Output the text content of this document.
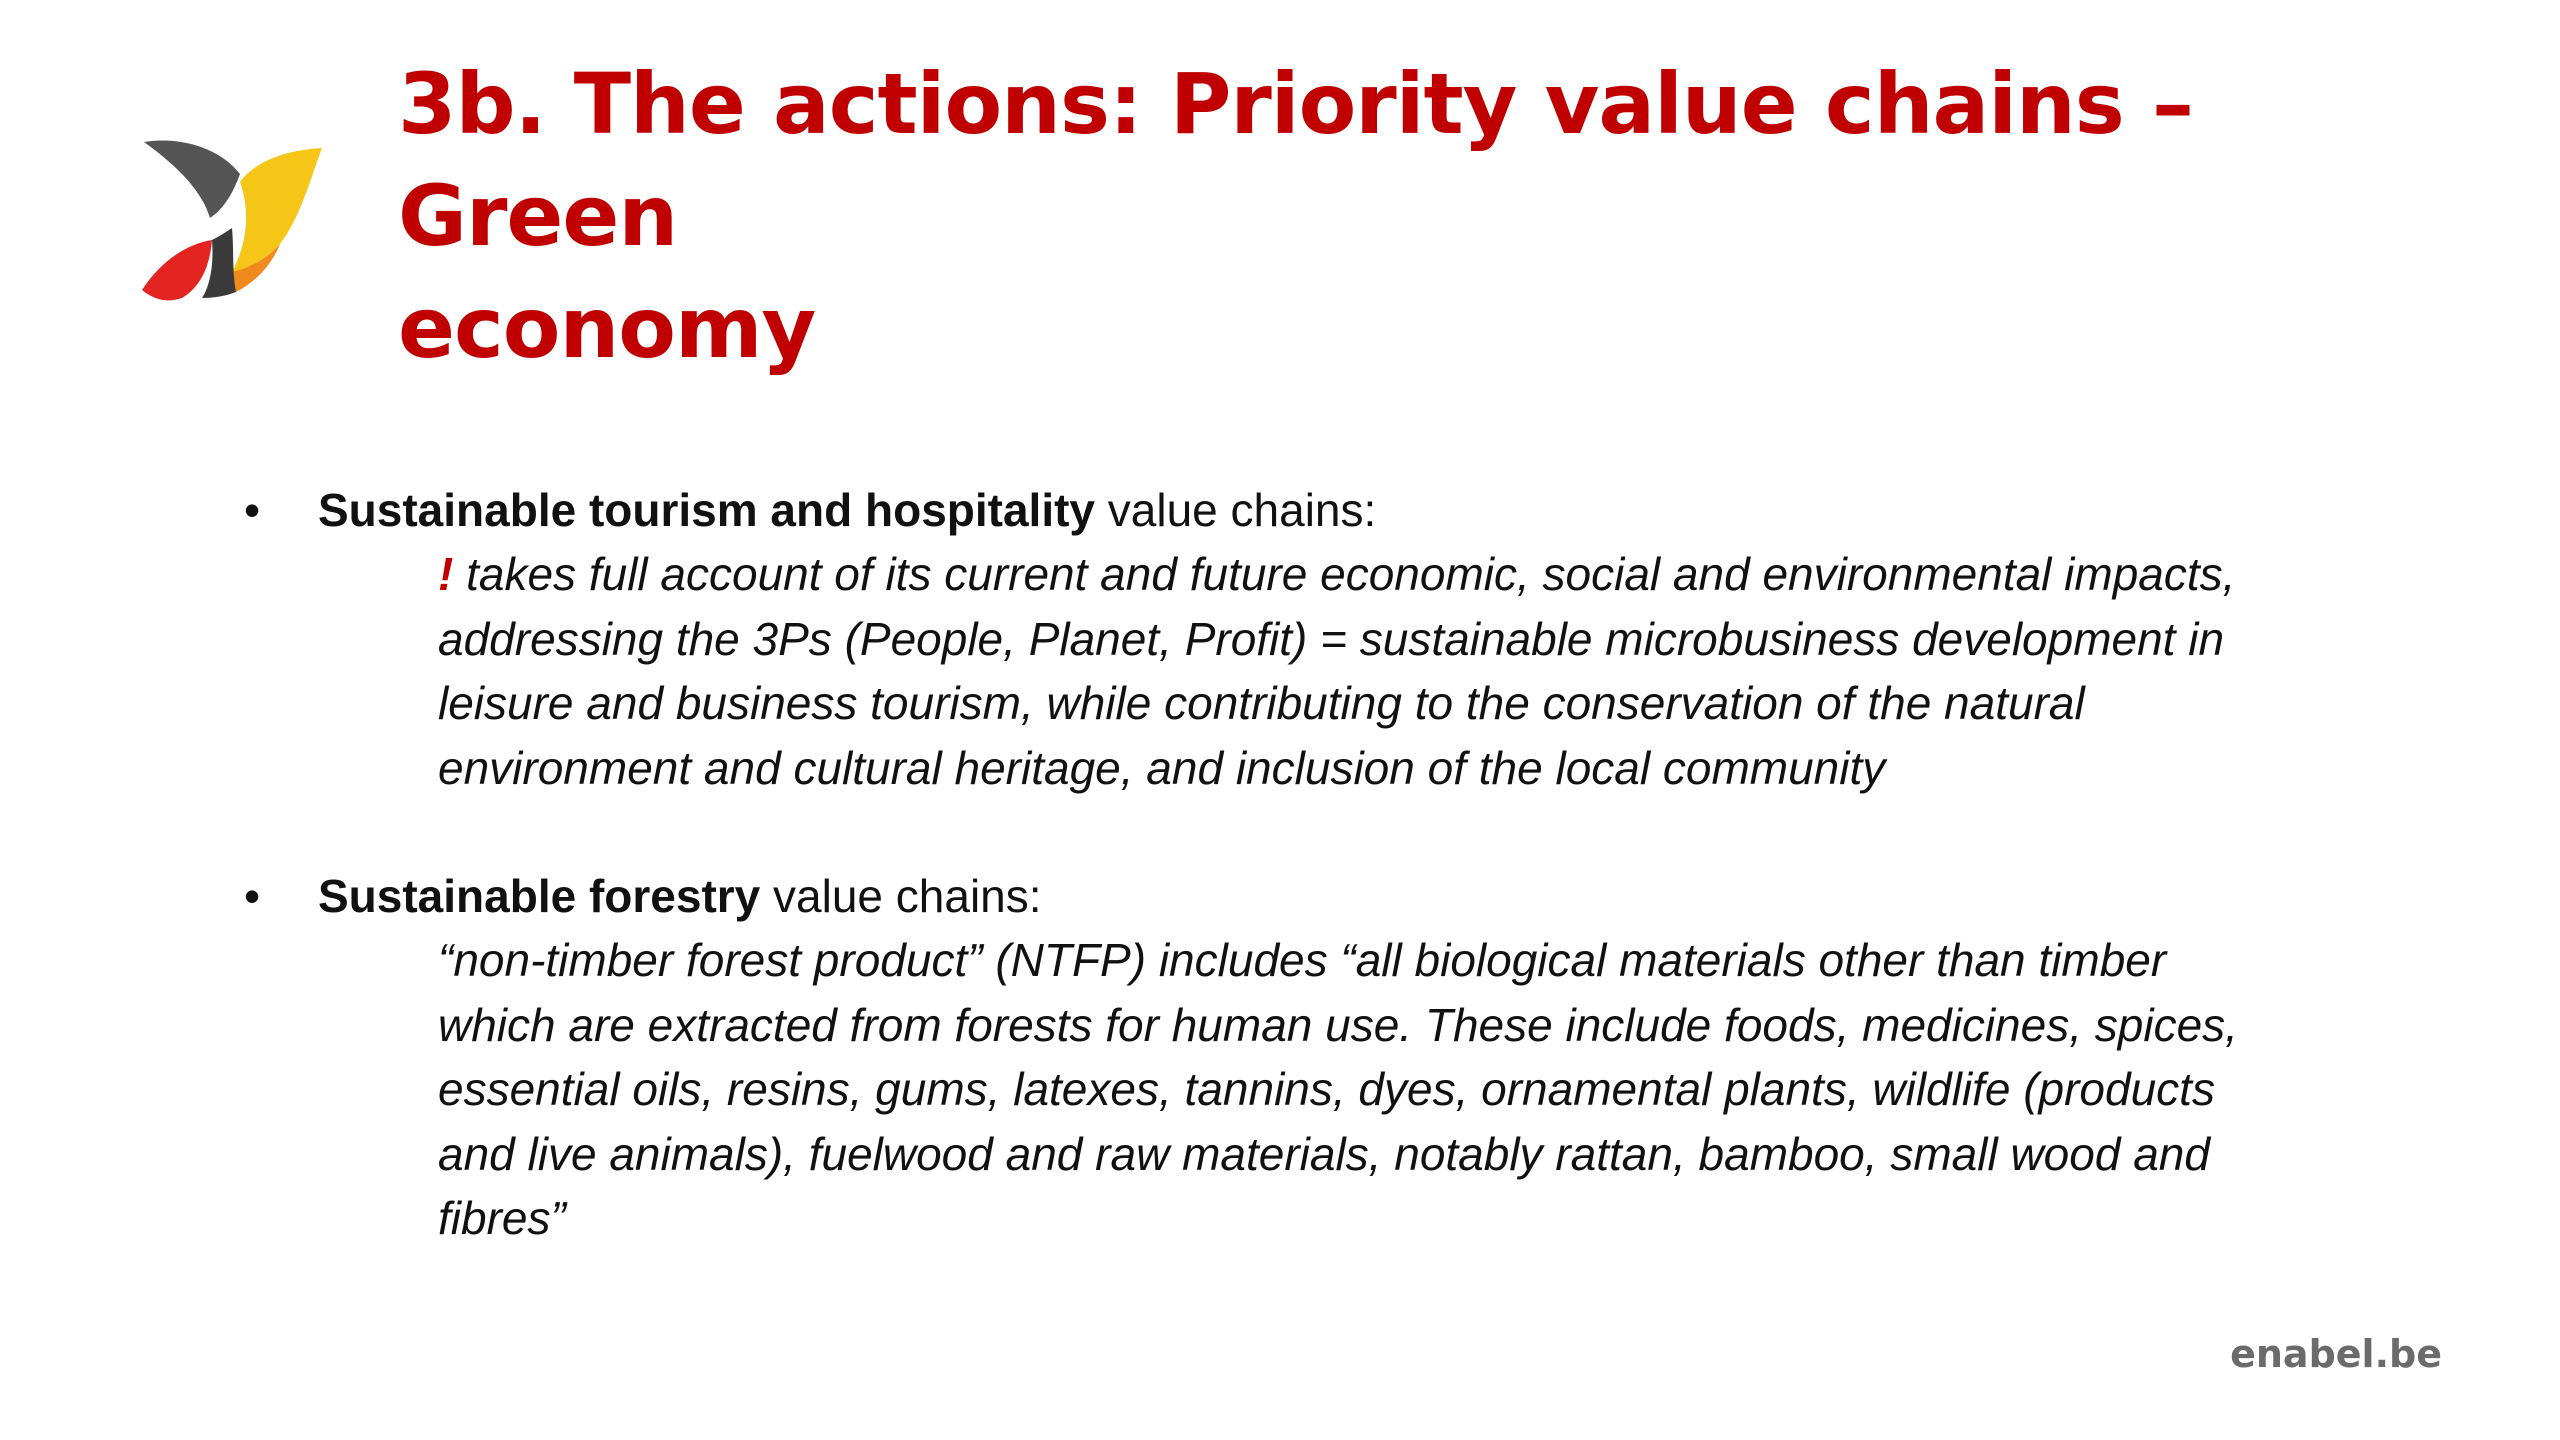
3b. The actions: Priority value chains – Green
economy
• Sustainable tourism and hospitality value chains:
! takes full account of its current and future economic, social and environmental impacts,
addressing the 3Ps (People, Planet, Profit) = sustainable microbusiness development in
leisure and business tourism, while contributing to the conservation of the natural
environment and cultural heritage, and inclusion of the local community
• Sustainable forestry value chains:
“non-timber forest product” (NTFP) includes “all biological materials other than timber
which are extracted from forests for human use. These include foods, medicines, spices,
essential oils, resins, gums, latexes, tannins, dyes, ornamental plants, wildlife (products
and live animals), fuelwood and raw materials, notably rattan, bamboo, small wood and
fibres”
enabel.be
